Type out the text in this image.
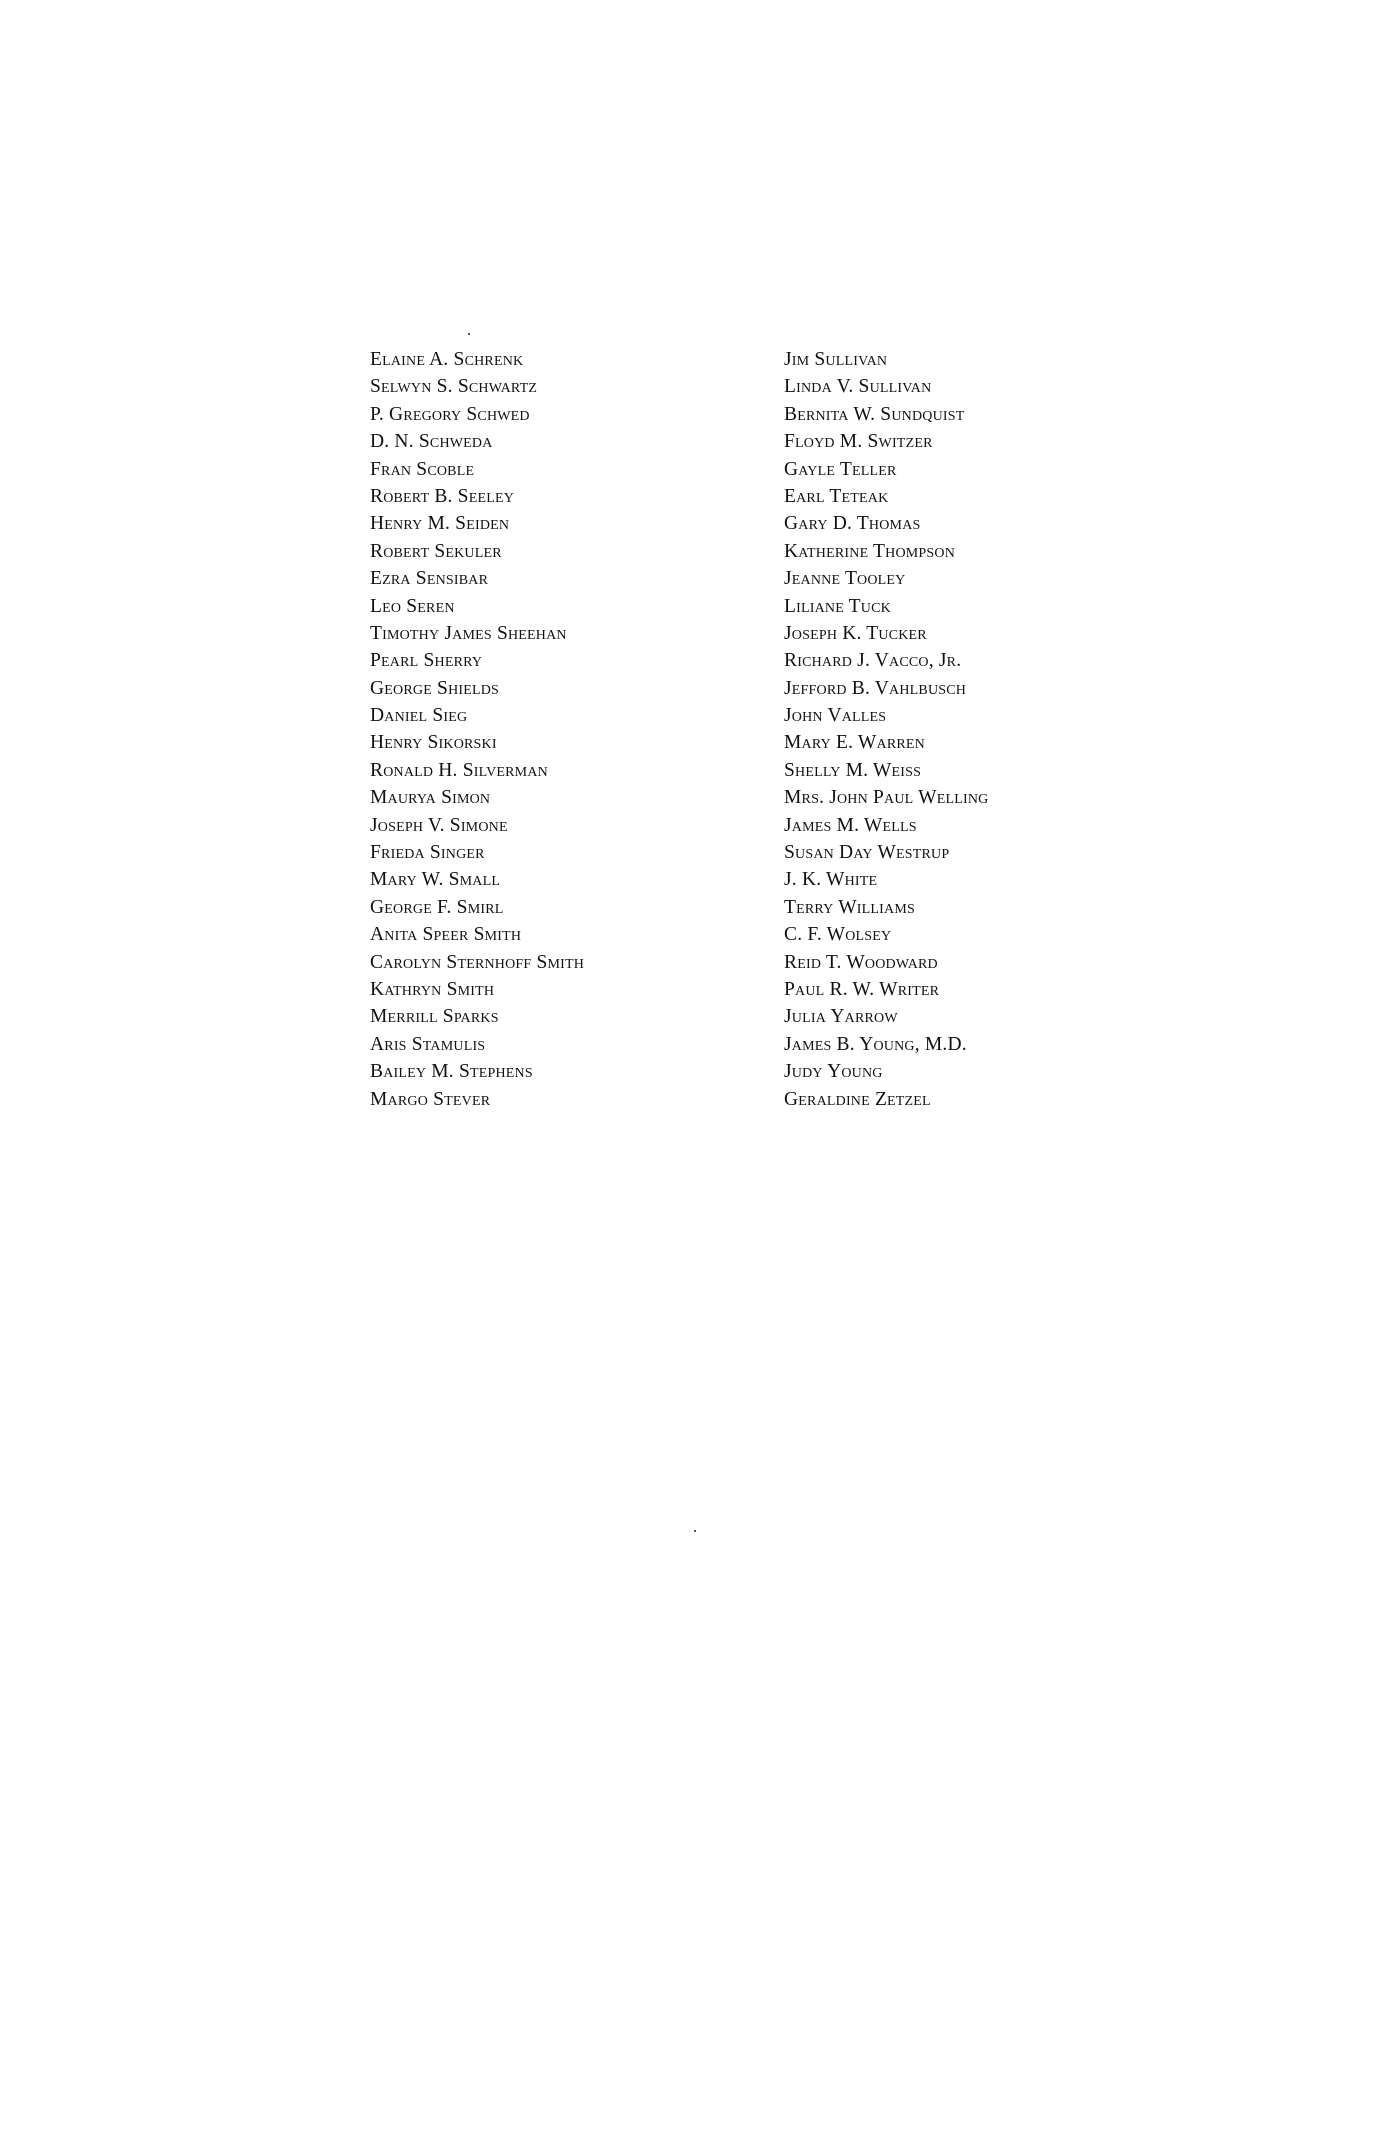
Elaine A. Schrenk
Selwyn S. Schwartz
P. Gregory Schwed
D. N. Schweda
Fran Scoble
Robert B. Seeley
Henry M. Seiden
Robert Sekuler
Ezra Sensibar
Leo Seren
Timothy James Sheehan
Pearl Sherry
George Shields
Daniel Sieg
Henry Sikorski
Ronald H. Silverman
Maurya Simon
Joseph V. Simone
Frieda Singer
Mary W. Small
George F. Smirl
Anita Speer Smith
Carolyn Sternhoff Smith
Kathryn Smith
Merrill Sparks
Aris Stamulis
Bailey M. Stephens
Margo Stever
Jim Sullivan
Linda V. Sullivan
Bernita W. Sundquist
Floyd M. Switzer
Gayle Teller
Earl Teteak
Gary D. Thomas
Katherine Thompson
Jeanne Tooley
Liliane Tuck
Joseph K. Tucker
Richard J. Vacco, Jr.
Jefford B. Vahlbusch
John Valles
Mary E. Warren
Shelly M. Weiss
Mrs. John Paul Welling
James M. Wells
Susan Day Westrup
J. K. White
Terry Williams
C. F. Wolsey
Reid T. Woodward
Paul R. W. Writer
Julia Yarrow
James B. Young, M.D.
Judy Young
Geraldine Zetzel
